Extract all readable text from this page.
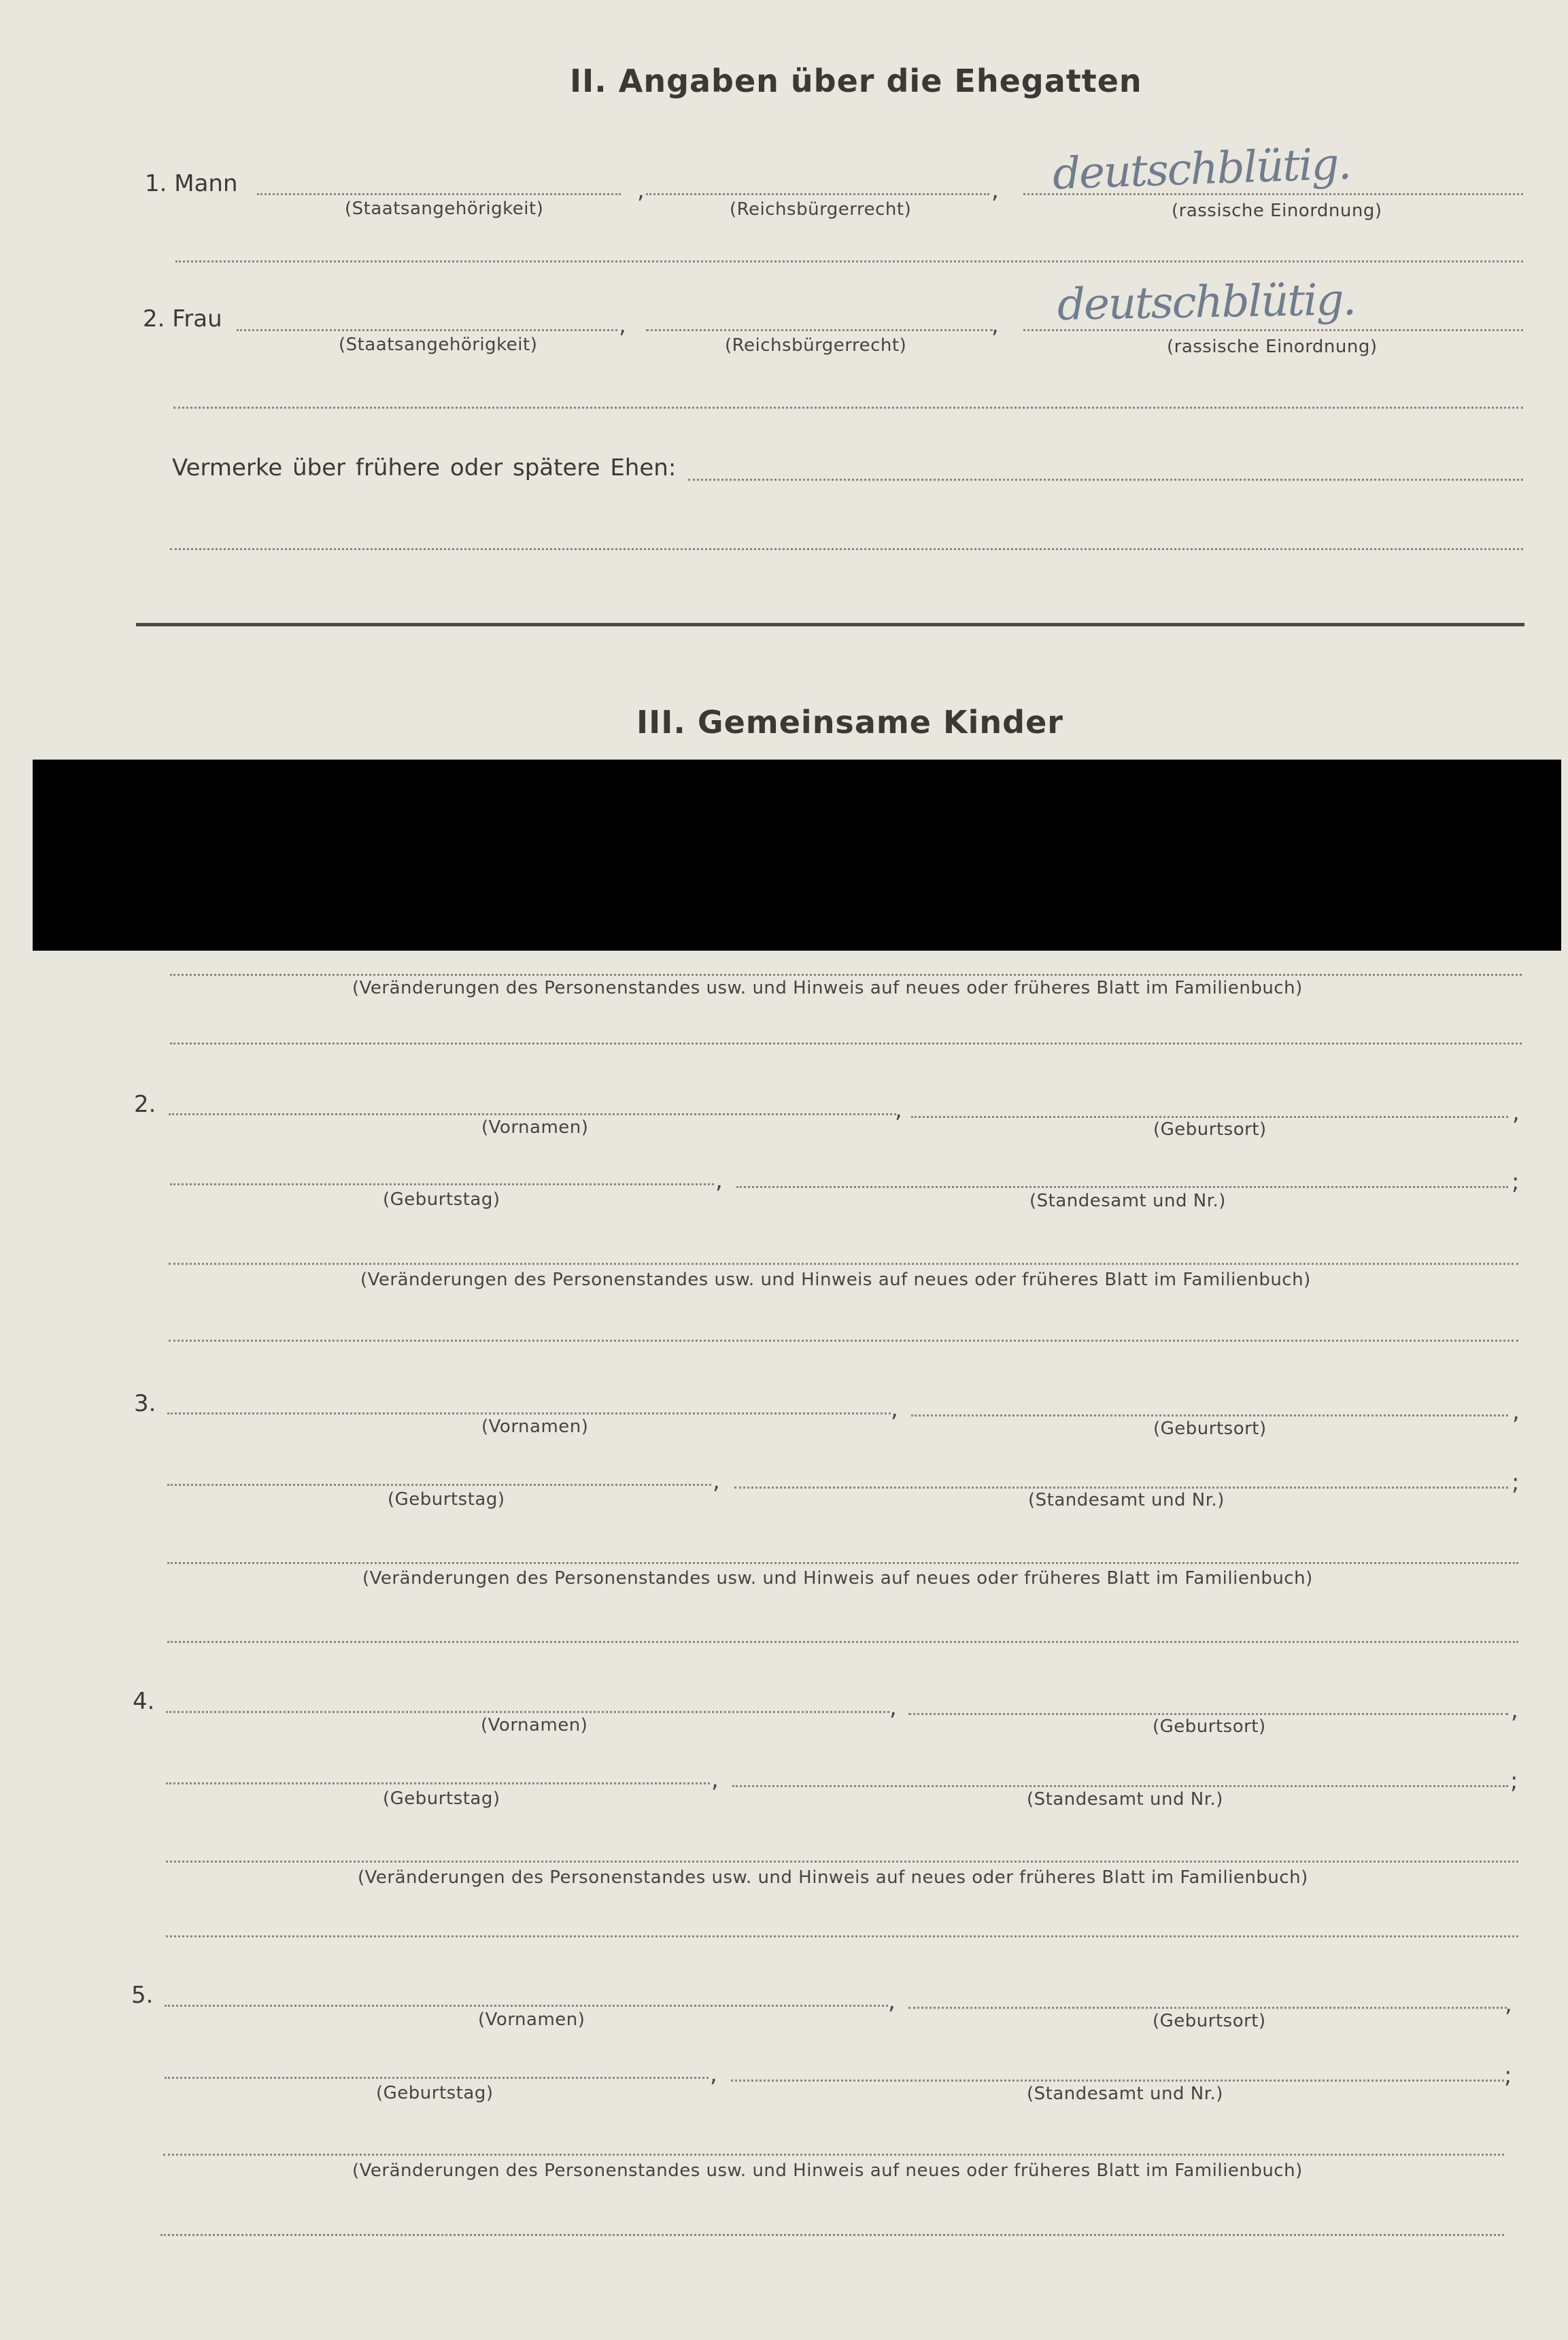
II. Angaben über die Ehegatten
1. Mann	,	, deutschblütig.
(Staatsangehörigkeit)	(Reichsbürgerrecht)	(rassische Einordnung)
2. Frau	,	, deutschblütig.
(Staatsangehörigkeit)	(Reichsbürgerrecht)	(rassische Einordnung)
Vermerke über frühere oder spätere Ehen:
III. Gemeinsame Kinder
(Veränderungen des Personenstandes usw. und Hinweis auf neues oder früheres Blatt im Familienbuch)
2.	,	,
(Vornamen)	(Geburtsort)
,	;
(Geburtstag)	(Standesamt und Nr.)
(Veränderungen des Personenstandes usw. und Hinweis auf neues oder früheres Blatt im Familienbuch)
3.	,	,
(Vornamen)	(Geburtsort)
,	;
(Geburtstag)	(Standesamt und Nr.)
(Veränderungen des Personenstandes usw. und Hinweis auf neues oder früheres Blatt im Familienbuch)
4.	,	,
(Vornamen)	(Geburtsort)
,	;
(Geburtstag)	(Standesamt und Nr.)
(Veränderungen des Personenstandes usw. und Hinweis auf neues oder früheres Blatt im Familienbuch)
5.	,	,
(Vornamen)	(Geburtsort)
,	;
(Geburtstag)	(Standesamt und Nr.)
(Veränderungen des Personenstandes usw. und Hinweis auf neues oder früheres Blatt im Familienbuch)
